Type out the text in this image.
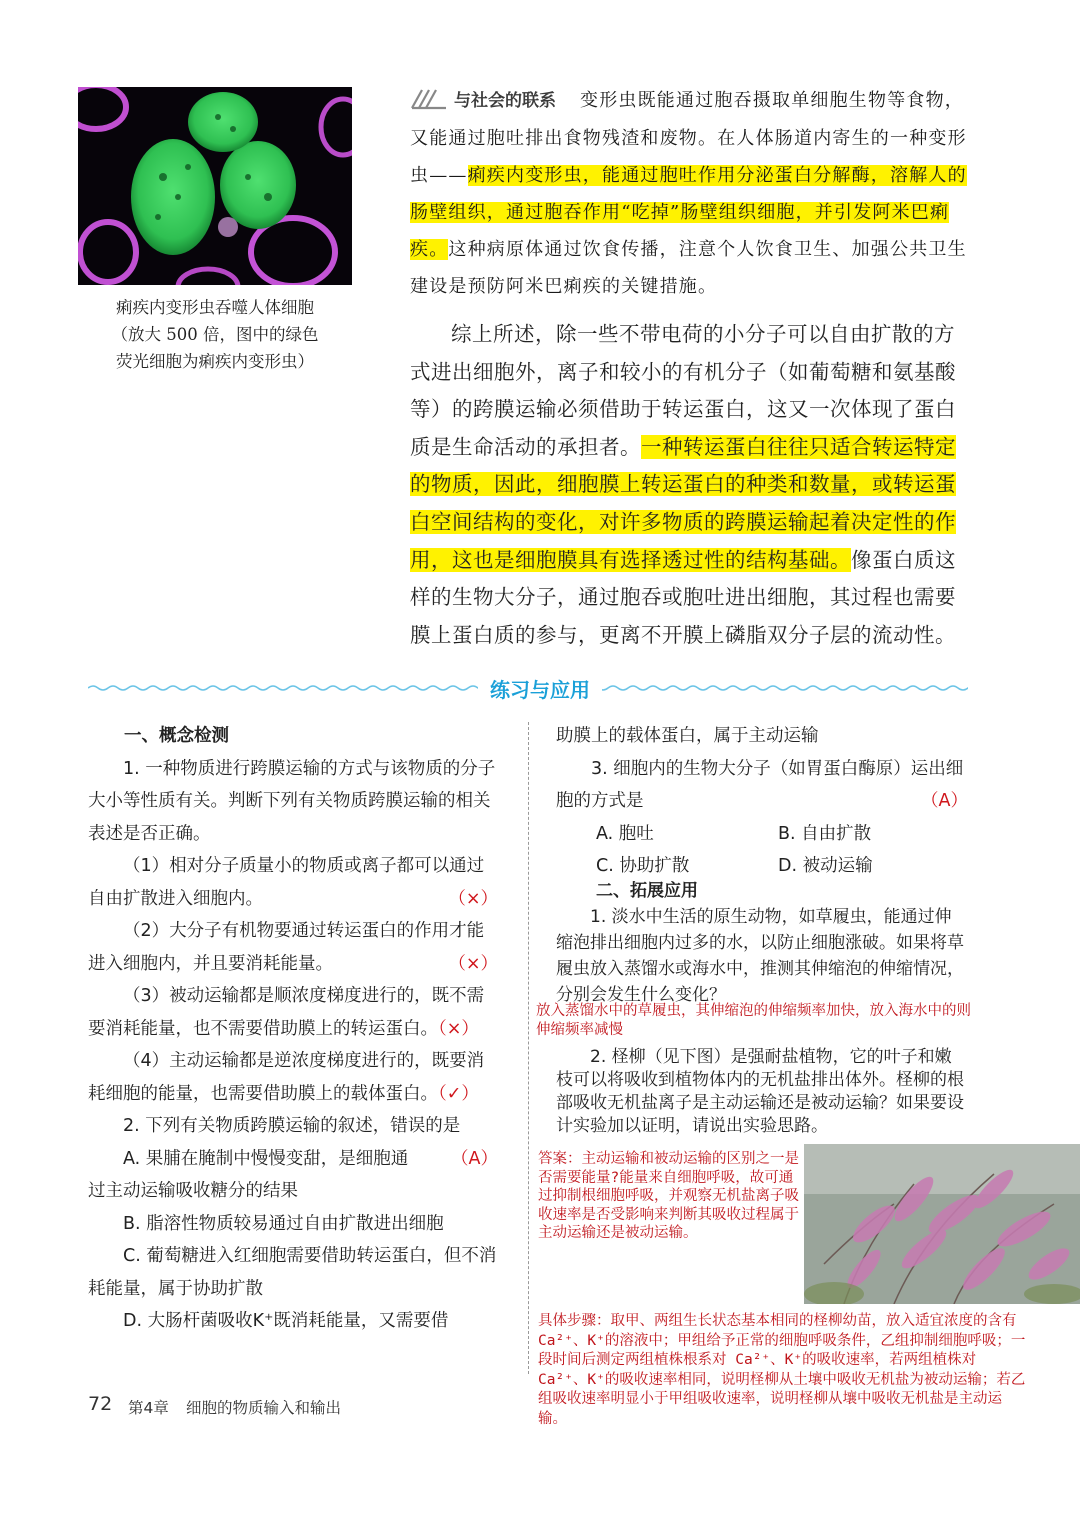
痢疾内变形虫吞噬人体细胞
（放大 500 倍，图中的绿色
荧光细胞为痢疾内变形虫）
与社会的联系 变形虫既能通过胞吞摄取单细胞生物等食物，又能通过胞吐排出食物残渣和废物。在人体肠道内寄生的一种变形虫——痢疾内变形虫，能通过胞吐作用分泌蛋白分解酶，溶解人的肠壁组织，通过胞吞作用“吃掉”肠壁组织细胞，并引发阿米巴痢疾。这种病原体通过饮食传播，注意个人饮食卫生、加强公共卫生建设是预防阿米巴痢疾的关键措施。
综上所述，除一些不带电荷的小分子可以自由扩散的方式进出细胞外，离子和较小的有机分子（如葡萄糖和氨基酸等）的跨膜运输必须借助于转运蛋白，这又一次体现了蛋白质是生命活动的承担者。一种转运蛋白往往只适合转运特定的物质，因此，细胞膜上转运蛋白的种类和数量，或转运蛋白空间结构的变化，对许多物质的跨膜运输起着决定性的作用，这也是细胞膜具有选择透过性的结构基础。像蛋白质这样的生物大分子，通过胞吞或胞吐进出细胞，其过程也需要膜上蛋白质的参与，更离不开膜上磷脂双分子层的流动性。
练习与应用
一、概念检测
1. 一种物质进行跨膜运输的方式与该物质的分子大小等性质有关。判断下列有关物质跨膜运输的相关表述是否正确。
（1）相对分子质量小的物质或离子都可以通过自由扩散进入细胞内。	（×）
（2）大分子有机物要通过转运蛋白的作用才能进入细胞内，并且要消耗能量。	（×）
（3）被动运输都是顺浓度梯度进行的，既不需要消耗能量，也不需要借助膜上的转运蛋白。（×）
（4）主动运输都是逆浓度梯度进行的，既要消耗细胞的能量，也需要借助膜上的载体蛋白。（✓）
2. 下列有关物质跨膜运输的叙述，错误的是
（A）
A. 果脯在腌制中慢慢变甜，是细胞通过主动运输吸收糖分的结果
B. 脂溶性物质较易通过自由扩散进出细胞
C. 葡萄糖进入红细胞需要借助转运蛋白，但不消耗能量，属于协助扩散
D. 大肠杆菌吸收K⁺既消耗能量，又需要借
助膜上的载体蛋白，属于主动运输
3. 细胞内的生物大分子（如胃蛋白酶原）运出细胞的方式是	（A）
A. 胞吐	B. 自由扩散
C. 协助扩散	D. 被动运输
二、拓展应用
1. 淡水中生活的原生动物，如草履虫，能通过伸缩泡排出细胞内过多的水，以防止细胞涨破。如果将草履虫放入蒸馏水或海水中，推测其伸缩泡的伸缩情况，分别会发生什么变化？
放入蒸馏水中的草履虫，其伸缩泡的伸缩频率加快，放入海水中的则伸缩频率减慢
2. 柽柳（见下图）是强耐盐植物，它的叶子和嫩枝可以将吸收到植物体内的无机盐排出体外。柽柳的根部吸收无机盐离子是主动运输还是被动运输？如果要设计实验加以证明，请说出实验思路。
答案：主动运输和被动运输的区别之一是否需要能量?能量来自细胞呼吸，故可通过抑制根细胞呼吸，并观察无机盐离子吸收速率是否受影响来判断其吸收过程属于主动运输还是被动运输。
具体步骤：取甲、两组生长状态基本相同的柽柳幼苗，放入适宜浓度的含有 Ca²⁺、K⁺的溶液中；甲组给予正常的细胞呼吸条件，乙组抑制细胞呼吸；一段时间后测定两组植株根系对 Ca²⁺、K⁺的吸收速率，若两组植株对 Ca²⁺、K⁺的吸收速率相同，说明柽柳从土壤中吸收无机盐为被动运输；若乙组吸收速率明显小于甲组吸收速率，说明柽柳从壤中吸收无机盐是主动运输。
72 第4章 细胞的物质输入和输出
